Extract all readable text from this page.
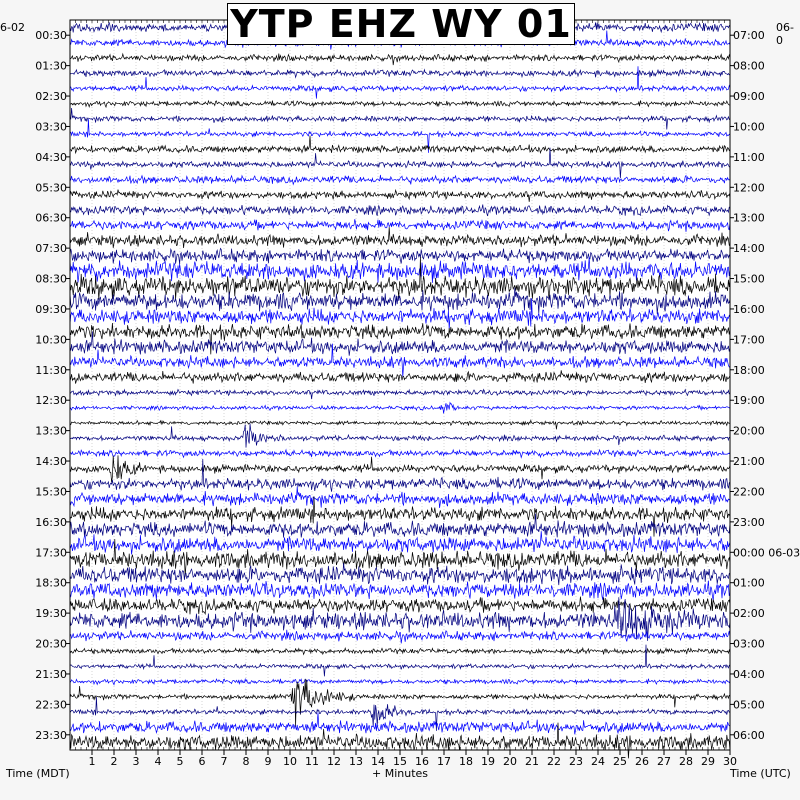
1 2 3 4 5 6 7 8 9 10 11 12 13 14 15 16 17 18 19 20 21 22 23 24 25 26 27 28 29 30
00:30
01:30
02:30
03:30
04:30
05:30
06:30
07:30
08:30
09:30
10:30
11:30
12:30
13:30
14:30
15:30
16:30
17:30
18:30
19:30
20:30
21:30
22:30
23:30
07:00
08:00
09:00
10:00
11:00
12:00
13:00
14:00
15:00
16:00
17:00
18:00
19:00
20:00
21:00
22:00
23:00
00:00 06-03
01:00
02:00
03:00
04:00
05:00
06:00
YTP EHZ WY 01
6-02	06-0
Time (MDT)	+ Minutes	Time (UTC)
